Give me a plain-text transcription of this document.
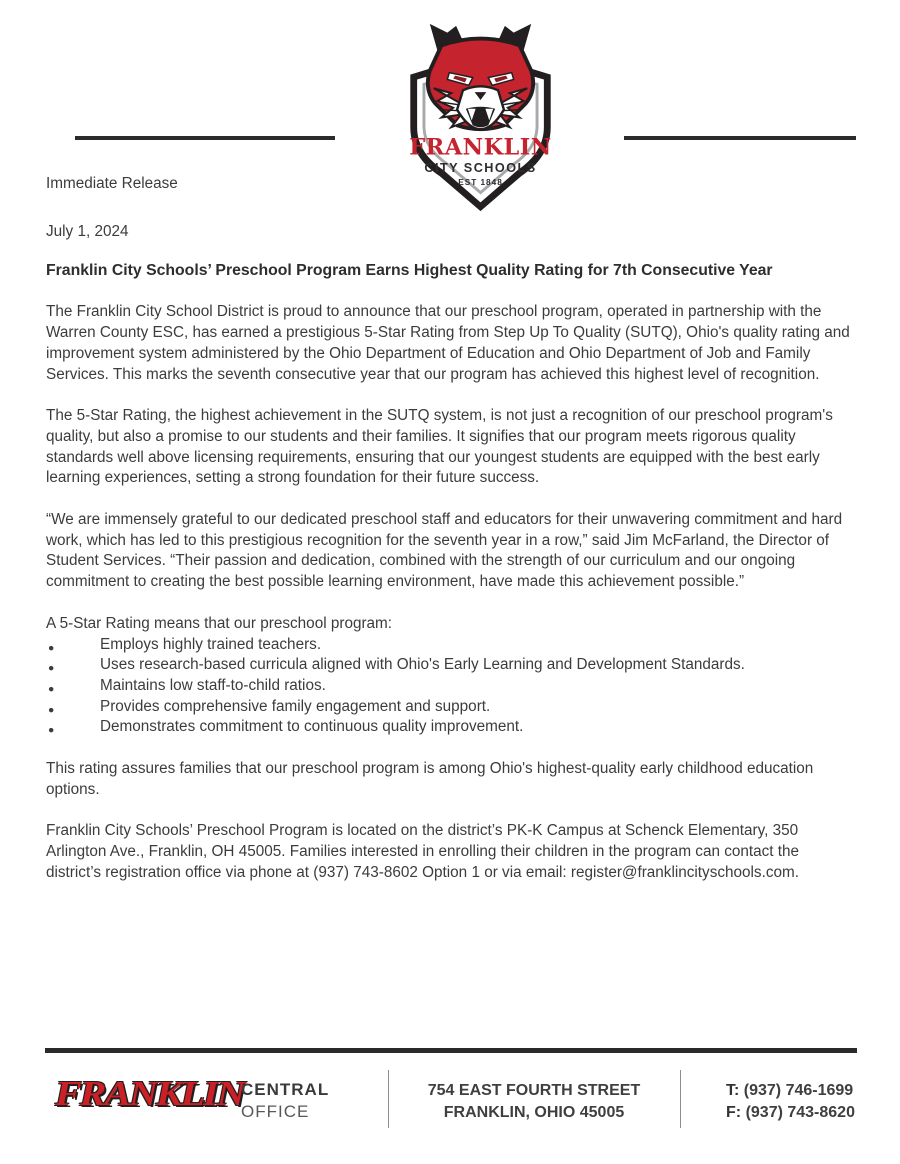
FRANKLIN
CITY SCHOOLS
EST 1848

Immediate Release

July 1, 2024

Franklin City Schools’ Preschool Program Earns Highest Quality Rating for 7th Consecutive Year

The Franklin City School District is proud to announce that our preschool program, operated in partnership with the Warren County ESC, has earned a prestigious 5-Star Rating from Step Up To Quality (SUTQ), Ohio's quality rating and improvement system administered by the Ohio Department of Education and Ohio Department of Job and Family Services. This marks the seventh consecutive year that our program has achieved this highest level of recognition.

The 5-Star Rating, the highest achievement in the SUTQ system, is not just a recognition of our preschool program's quality, but also a promise to our students and their families. It signifies that our program meets rigorous quality standards well above licensing requirements, ensuring that our youngest students are equipped with the best early learning experiences, setting a strong foundation for their future success.

“We are immensely grateful to our dedicated preschool staff and educators for their unwavering commitment and hard work, which has led to this prestigious recognition for the seventh year in a row,” said Jim McFarland, the Director of Student Services. “Their passion and dedication, combined with the strength of our curriculum and our ongoing commitment to creating the best possible learning environment, have made this achievement possible.”

A 5-Star Rating means that our preschool program:

●	Employs highly trained teachers.
●	Uses research-based curricula aligned with Ohio's Early Learning and Development Standards.
●	Maintains low staff-to-child ratios.
●	Provides comprehensive family engagement and support.
●	Demonstrates commitment to continuous quality improvement.

This rating assures families that our preschool program is among Ohio's highest-quality early childhood education options.

Franklin City Schools’ Preschool Program is located on the district’s PK-K Campus at Schenck Elementary, 350 Arlington Ave., Franklin, OH 45005. Families interested in enrolling their children in the program can contact the district’s registration office via phone at (937) 743-8602 Option 1 or via email: register@franklincityschools.com.

FRANKLIN
CENTRAL
OFFICE
754 EAST FOURTH STREET
FRANKLIN, OHIO 45005
T: (937) 746-1699
F: (937) 743-8620
